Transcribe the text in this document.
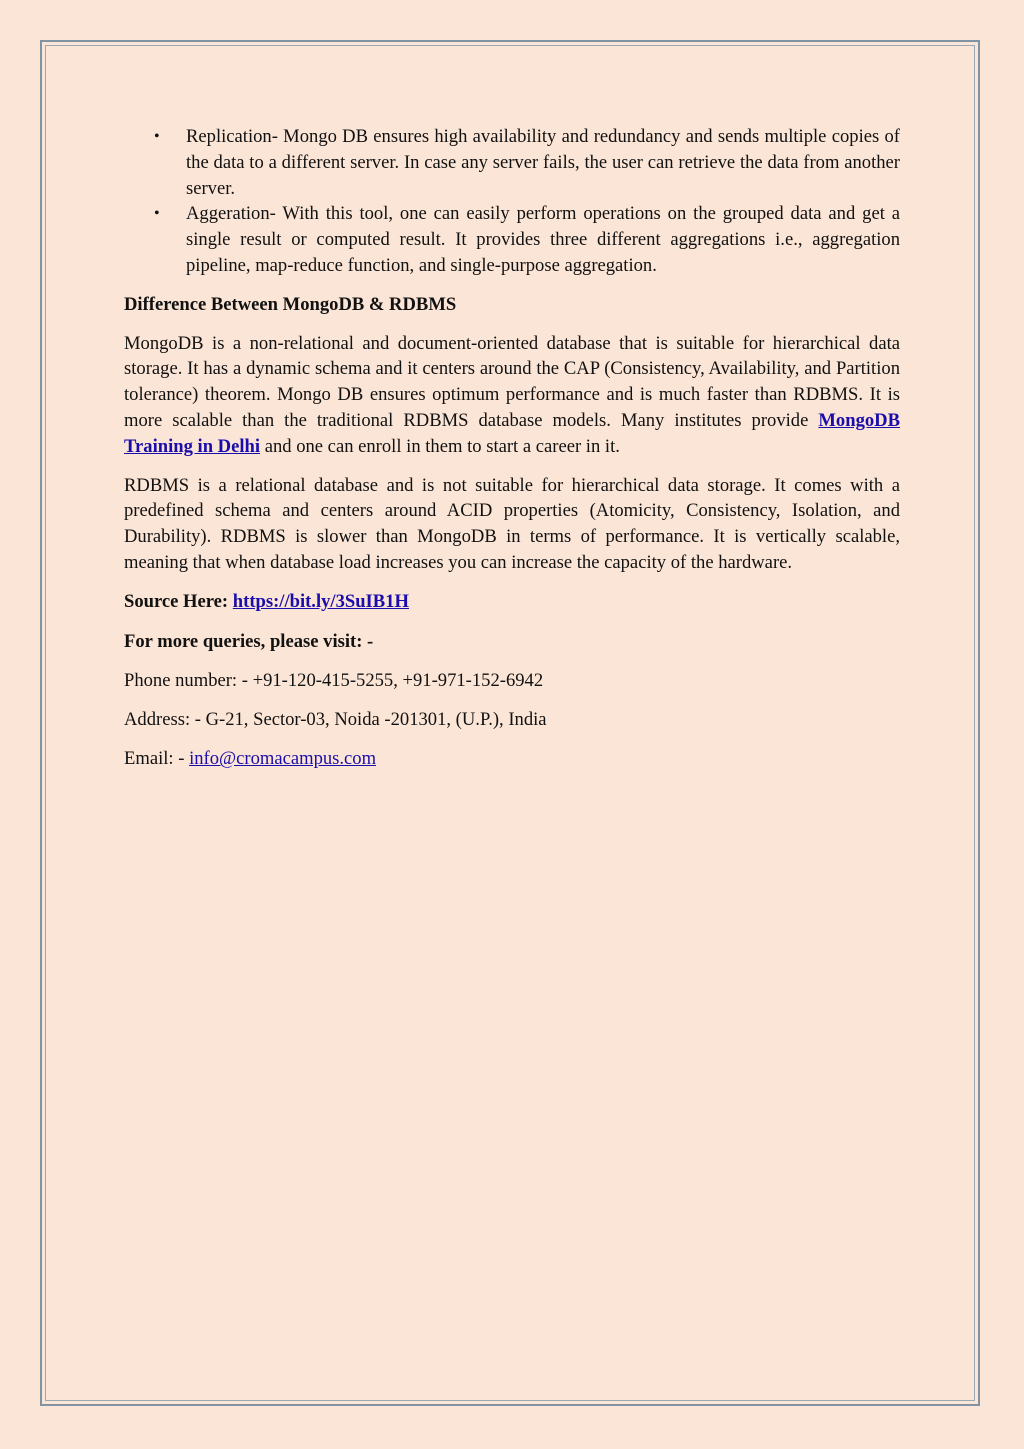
• Replication- Mongo DB ensures high availability and redundancy and sends multiple copies of the data to a different server. In case any server fails, the user can retrieve the data from another server.
• Aggeration- With this tool, one can easily perform operations on the grouped data and get a single result or computed result. It provides three different aggregations i.e., aggregation pipeline, map-reduce function, and single-purpose aggregation.

Difference Between MongoDB & RDBMS

MongoDB is a non-relational and document-oriented database that is suitable for hierarchical data storage. It has a dynamic schema and it centers around the CAP (Consistency, Availability, and Partition tolerance) theorem. Mongo DB ensures optimum performance and is much faster than RDBMS. It is more scalable than the traditional RDBMS database models. Many institutes provide MongoDB Training in Delhi and one can enroll in them to start a career in it.

RDBMS is a relational database and is not suitable for hierarchical data storage. It comes with a predefined schema and centers around ACID properties (Atomicity, Consistency, Isolation, and Durability). RDBMS is slower than MongoDB in terms of performance. It is vertically scalable, meaning that when database load increases you can increase the capacity of the hardware.

Source Here: https://bit.ly/3SuIB1H

For more queries, please visit: -

Phone number: - +91-120-415-5255, +91-971-152-6942

Address: - G-21, Sector-03, Noida -201301, (U.P.), India

Email: - info@cromacampus.com
